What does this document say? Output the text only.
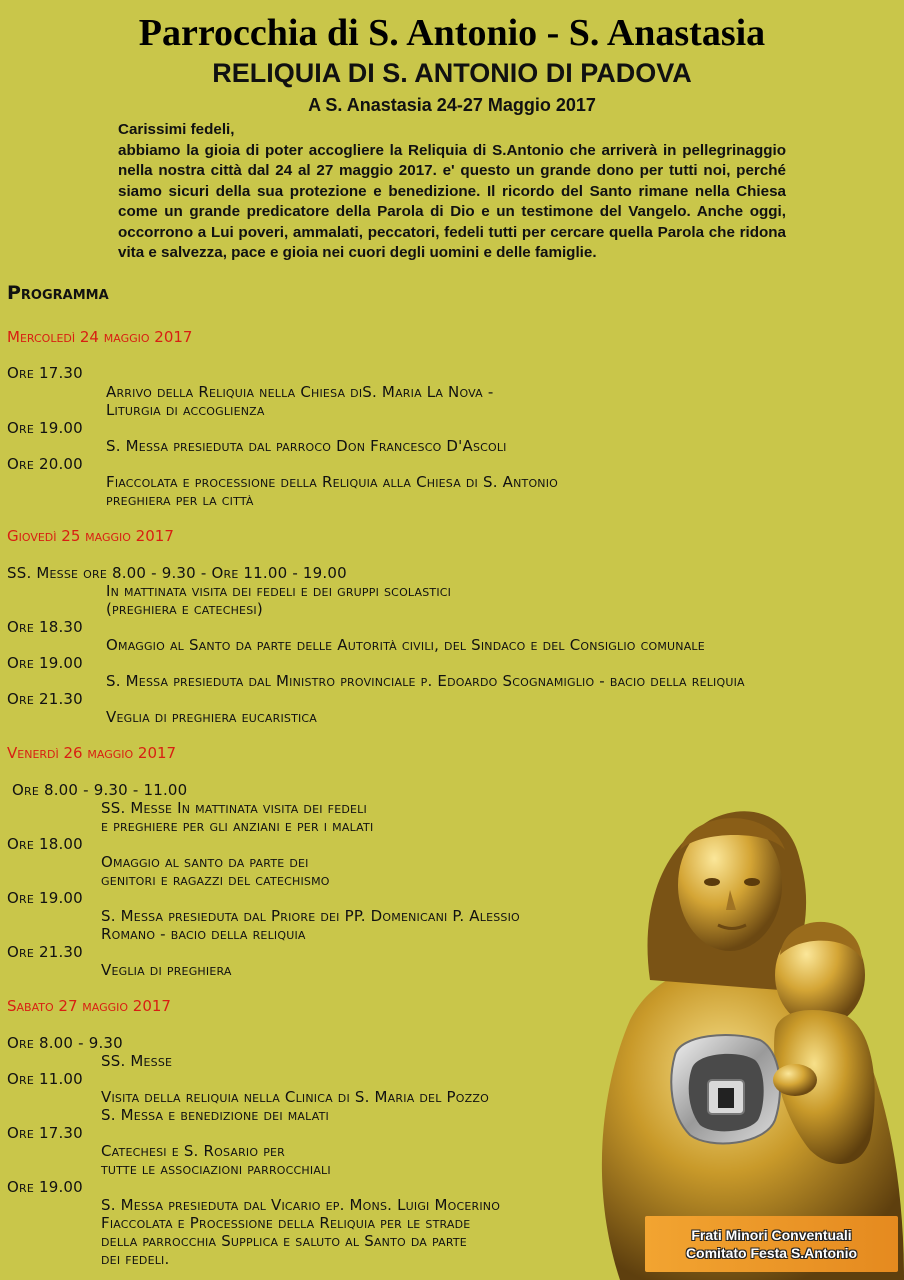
Parrocchia di S. Antonio - S. Anastasia
RELIQUIA DI S. ANTONIO DI PADOVA
A S. Anastasia 24-27 Maggio 2017
Carissimi fedeli,
abbiamo la gioia di poter accogliere la Reliquia di S.Antonio che arriverà in pellegrinaggio nella nostra città dal 24 al 27 maggio 2017. e' questo un grande dono per tutti noi, perché siamo sicuri della sua protezione e benedizione. Il ricordo del Santo rimane nella Chiesa come un grande predicatore della Parola di Dio e un testimone del Vangelo. Anche oggi, occorrono a Lui poveri, ammalati, peccatori, fedeli tutti per cercare quella Parola che ridona vita e salvezza, pace e gioia nei cuori degli uomini e delle famiglie.
Programma
Mercoledì 24 maggio 2017
Ore 17.30
Arrivo della Reliquia nella Chiesa diS. Maria La Nova -
Liturgia di accoglienza
Ore 19.00
S. Messa presieduta dal parroco Don Francesco D'Ascoli
Ore 20.00
Fiaccolata e processione della Reliquia alla Chiesa di S. Antonio
preghiera per la città
Giovedì 25 maggio 2017
SS. Messe ore 8.00 - 9.30 - Ore 11.00 - 19.00
In mattinata visita dei fedeli e dei gruppi scolastici
(preghiera e catechesi)
Ore 18.30
Omaggio al Santo da parte delle Autorità civili, del Sindaco e del Consiglio comunale
Ore 19.00
S. Messa presieduta dal Ministro provinciale p. Edoardo Scognamiglio - bacio della reliquia
Ore 21.30
Veglia di preghiera eucaristica
Venerdì 26 maggio 2017
Ore 8.00 - 9.30 - 11.00
SS. Messe In mattinata visita dei fedeli
e preghiere per gli anziani e per i malati
Ore 18.00
Omaggio al santo da parte dei
genitori e ragazzi del catechismo
Ore 19.00
S. Messa presieduta dal Priore dei PP. Domenicani P. Alessio
Romano - bacio della reliquia
Ore 21.30
Veglia di preghiera
Sabato 27 maggio 2017
Ore 8.00 - 9.30
SS. Messe
Ore 11.00
Visita della reliquia nella Clinica di S. Maria del Pozzo
S. Messa e benedizione dei malati
Ore 17.30
Catechesi e S. Rosario per
tutte le associazioni parrocchiali
Ore 19.00
S. Messa presieduta dal Vicario ep. Mons. Luigi Mocerino
Fiaccolata e Processione della Reliquia per le strade
della parrocchia Supplica e saluto al Santo da parte
dei fedeli.
Frati Minori Conventuali
Comitato Festa S.Antonio
